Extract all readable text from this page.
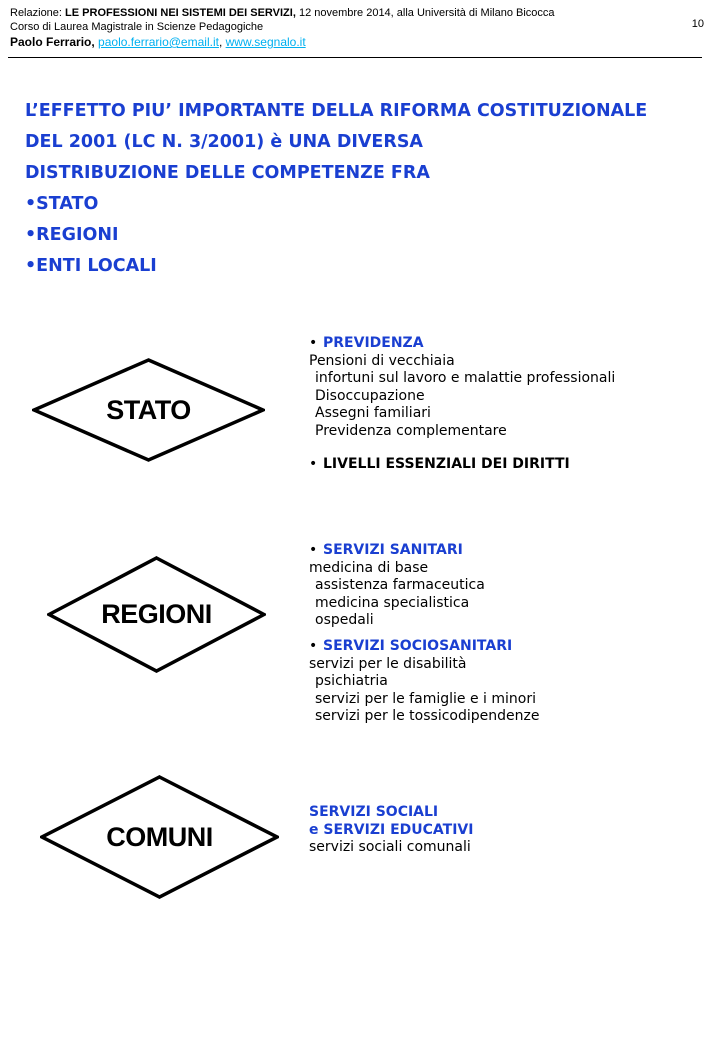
Relazione: LE PROFESSIONI NEI SISTEMI DEI SERVIZI, 12 novembre 2014, alla Università di Milano Bicocca
Corso di Laurea Magistrale in Scienze Pedagogiche
Paolo Ferrario, paolo.ferrario@email.it, www.segnalo.it
10
L’EFFETTO PIU’ IMPORTANTE DELLA RIFORMA COSTITUZIONALE
DEL 2001 (LC N. 3/2001) è UNA DIVERSA
DISTRIBUZIONE DELLE COMPETENZE FRA
•STATO
•REGIONI
•ENTI LOCALI
STATO
• PREVIDENZA
Pensioni di vecchiaia
infortuni sul lavoro e malattie professionali
Disoccupazione
Assegni familiari
Previdenza complementare
• LIVELLI ESSENZIALI DEI DIRITTI
REGIONI
• SERVIZI SANITARI
medicina di base
assistenza farmaceutica
medicina specialistica
ospedali
• SERVIZI SOCIOSANITARI
servizi per le disabilità
psichiatria
servizi per le famiglie e i minori
servizi per le tossicodipendenze
COMUNI
SERVIZI SOCIALI
e SERVIZI EDUCATIVI
servizi sociali comunali
